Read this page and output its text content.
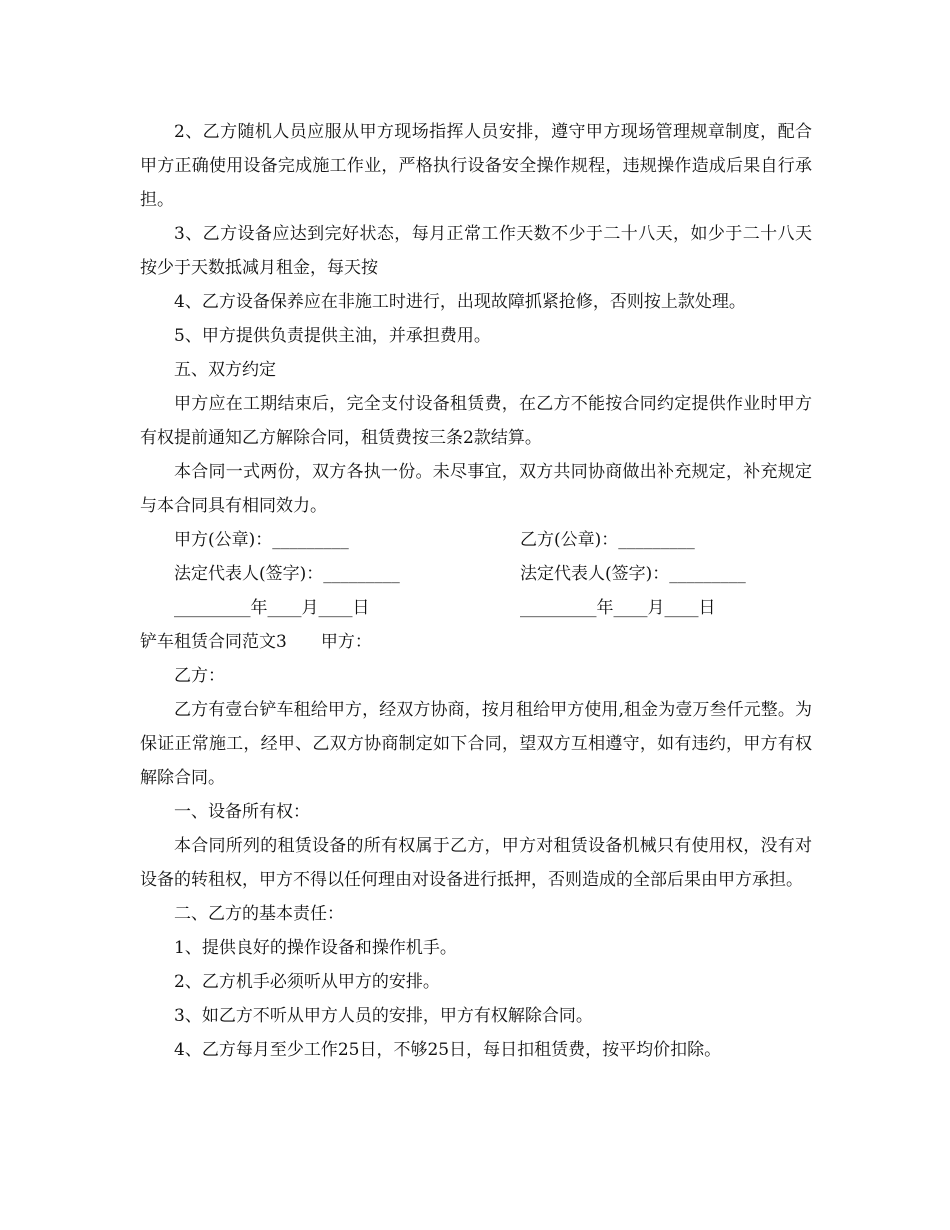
2、乙方随机人员应服从甲方现场指挥人员安排，遵守甲方现场管理规章制度，配合甲方正确使用设备完成施工作业，严格执行设备安全操作规程，违规操作造成后果自行承担。

3、乙方设备应达到完好状态，每月正常工作天数不少于二十八天，如少于二十八天按少于天数抵减月租金，每天按

4、乙方设备保养应在非施工时进行，出现故障抓紧抢修，否则按上款处理。

5、甲方提供负责提供主油，并承担费用。

五、双方约定

甲方应在工期结束后，完全支付设备租赁费，在乙方不能按合同约定提供作业时甲方有权提前通知乙方解除合同，租赁费按三条2款结算。

本合同一式两份，双方各执一份。未尽事宜，双方共同协商做出补充规定，补充规定与本合同具有相同效力。

甲方(公章)：_________	乙方(公章)：_________
法定代表人(签字)：_________	法定代表人(签字)：_________
_________年____月____日	_________年____月____日

铲车租赁合同范文3　　甲方：

乙方：

乙方有壹台铲车租给甲方，经双方协商，按月租给甲方使用,租金为壹万叁仟元整。为保证正常施工，经甲、乙双方协商制定如下合同，望双方互相遵守，如有违约，甲方有权解除合同。

一、设备所有权：

本合同所列的租赁设备的所有权属于乙方，甲方对租赁设备机械只有使用权，没有对设备的转租权，甲方不得以任何理由对设备进行抵押，否则造成的全部后果由甲方承担。

二、乙方的基本责任：

1、提供良好的操作设备和操作机手。

2、乙方机手必须听从甲方的安排。

3、如乙方不听从甲方人员的安排，甲方有权解除合同。

4、乙方每月至少工作25日，不够25日，每日扣租赁费，按平均价扣除。
